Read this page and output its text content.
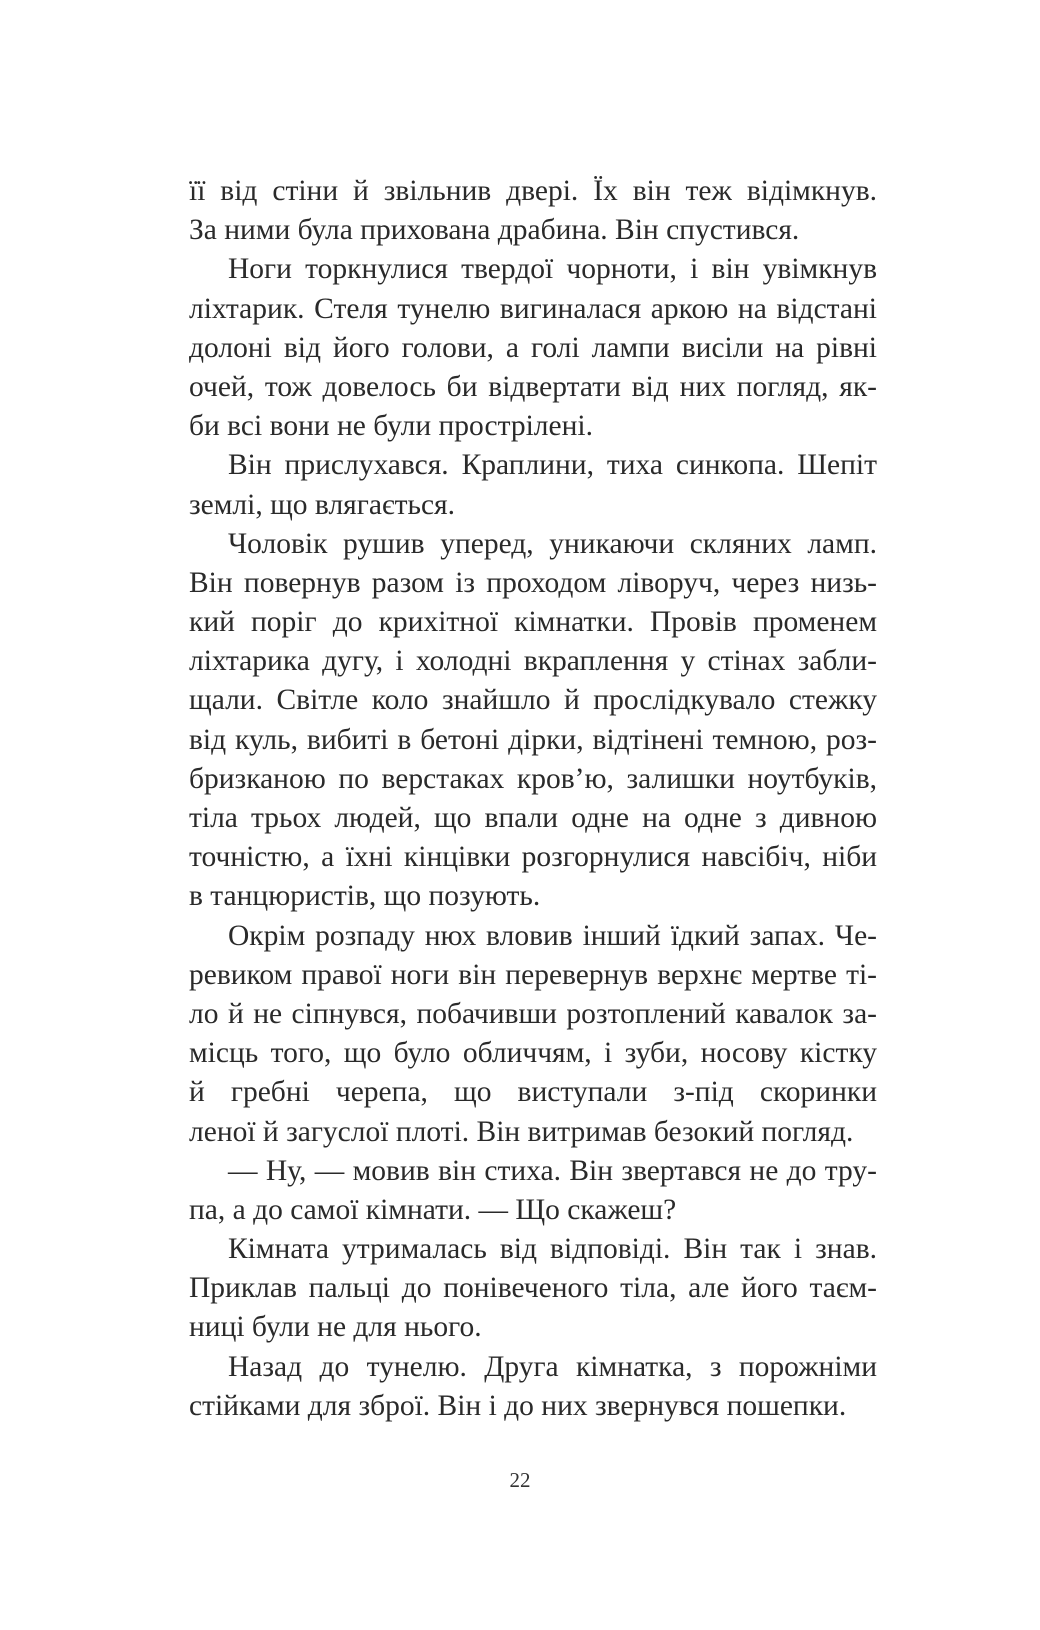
її від стіни й звільнив двері. Їх він теж відімкнув.
За ними була прихована драбина. Він спустився.
Ноги торкнулися твердої чорноти, і він увімкнув
ліхтарик. Стеля тунелю вигиналася аркою на відстані
долоні від його голови, а голі лампи висіли на рівні
очей, тож довелось би відвертати від них погляд, як-
би всі вони не були прострілені.
Він прислухався. Краплини, тиха синкопа. Шепіт
землі, що влягається.
Чоловік рушив уперед, уникаючи скляних ламп.
Він повернув разом із проходом ліворуч, через низь-
кий поріг до крихітної кімнатки. Провів променем
ліхтарика дугу, і холодні вкраплення у стінах забли-
щали. Світле коло знайшло й прослідкувало стежку
від куль, вибиті в бетоні дірки, відтінені темною, роз-
бризканою по верстаках кров’ю, залишки ноутбуків,
тіла трьох людей, що впали одне на одне з дивною
точністю, а їхні кінцівки розгорнулися навсібіч, ніби
в танцюристів, що позують.
Окрім розпаду нюх вловив інший їдкий запах. Че-
ревиком правої ноги він перевернув верхнє мертве ті-
ло й не сіпнувся, побачивши розтоплений кавалок за-
місць того, що було обличчям, і зуби, носову кістку
й гребні черепа, що виступали з-під скоринки
леної й загуслої плоті. Він витримав безокий погляд.
— Ну, — мовив він стиха. Він звертався не до тру-
па, а до самої кімнати. — Що скажеш?
Кімната утрималась від відповіді. Він так і знав.
Приклав пальці до понівеченого тіла, але його таєм-
ниці були не для нього.
Назад до тунелю. Друга кімнатка, з порожніми
стійками для зброї. Він і до них звернувся пошепки.
22
